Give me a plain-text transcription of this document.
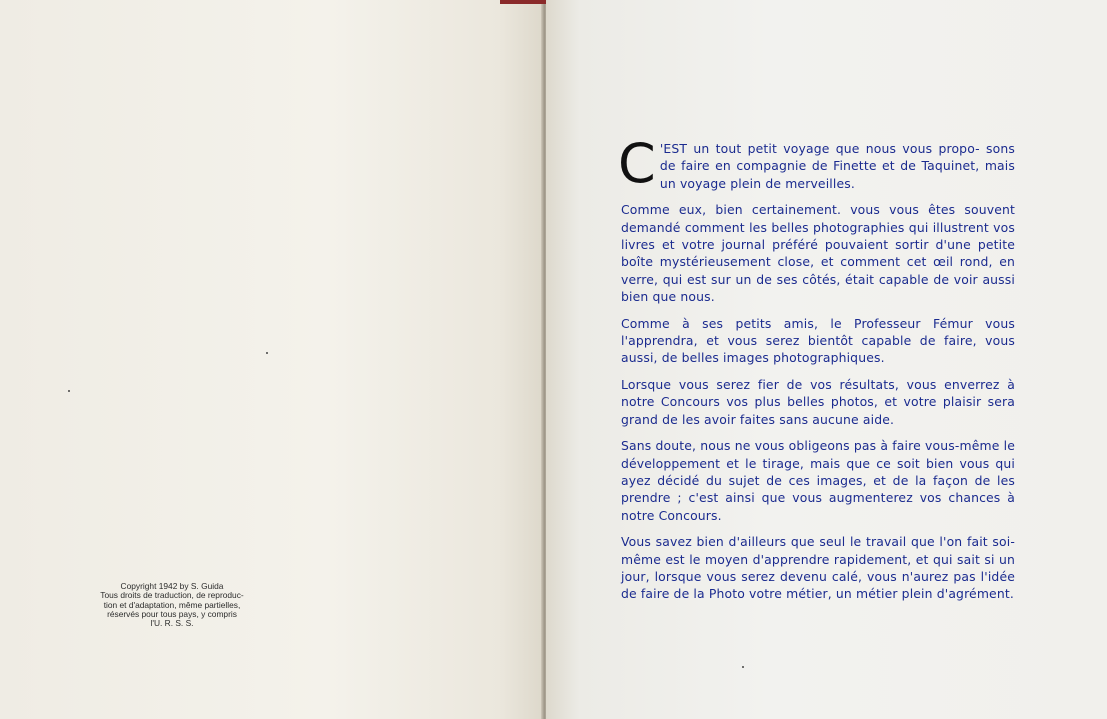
Copyright 1942 by S. Guida
Tous droits de traduction, de reproduc-
tion et d'adaptation, même partielles,
réservés pour tous pays, y compris
l'U. R. S. S.

C 'EST un tout petit voyage que nous vous propo- sons de faire en compagnie de Finette et de Taquinet, mais un voyage plein de merveilles.

Comme eux, bien certainement. vous vous êtes souvent demandé comment les belles photographies qui illustrent vos livres et votre journal préféré pouvaient sortir d'une petite boîte mystérieusement close, et comment cet œil rond, en verre, qui est sur un de ses côtés, était capable de voir aussi bien que nous.

Comme à ses petits amis, le Professeur Fémur vous l'apprendra, et vous serez bientôt capable de faire, vous aussi, de belles images photographiques.

Lorsque vous serez fier de vos résultats, vous enverrez à notre Concours vos plus belles photos, et votre plaisir sera grand de les avoir faites sans aucune aide.

Sans doute, nous ne vous obligeons pas à faire vous-même le développement et le tirage, mais que ce soit bien vous qui ayez décidé du sujet de ces images, et de la façon de les prendre ; c'est ainsi que vous augmenterez vos chances à notre Concours.

Vous savez bien d'ailleurs que seul le travail que l'on fait soi-même est le moyen d'apprendre rapidement, et qui sait si un jour, lorsque vous serez devenu calé, vous n'aurez pas l'idée de faire de la Photo votre métier, un métier plein d'agrément.
